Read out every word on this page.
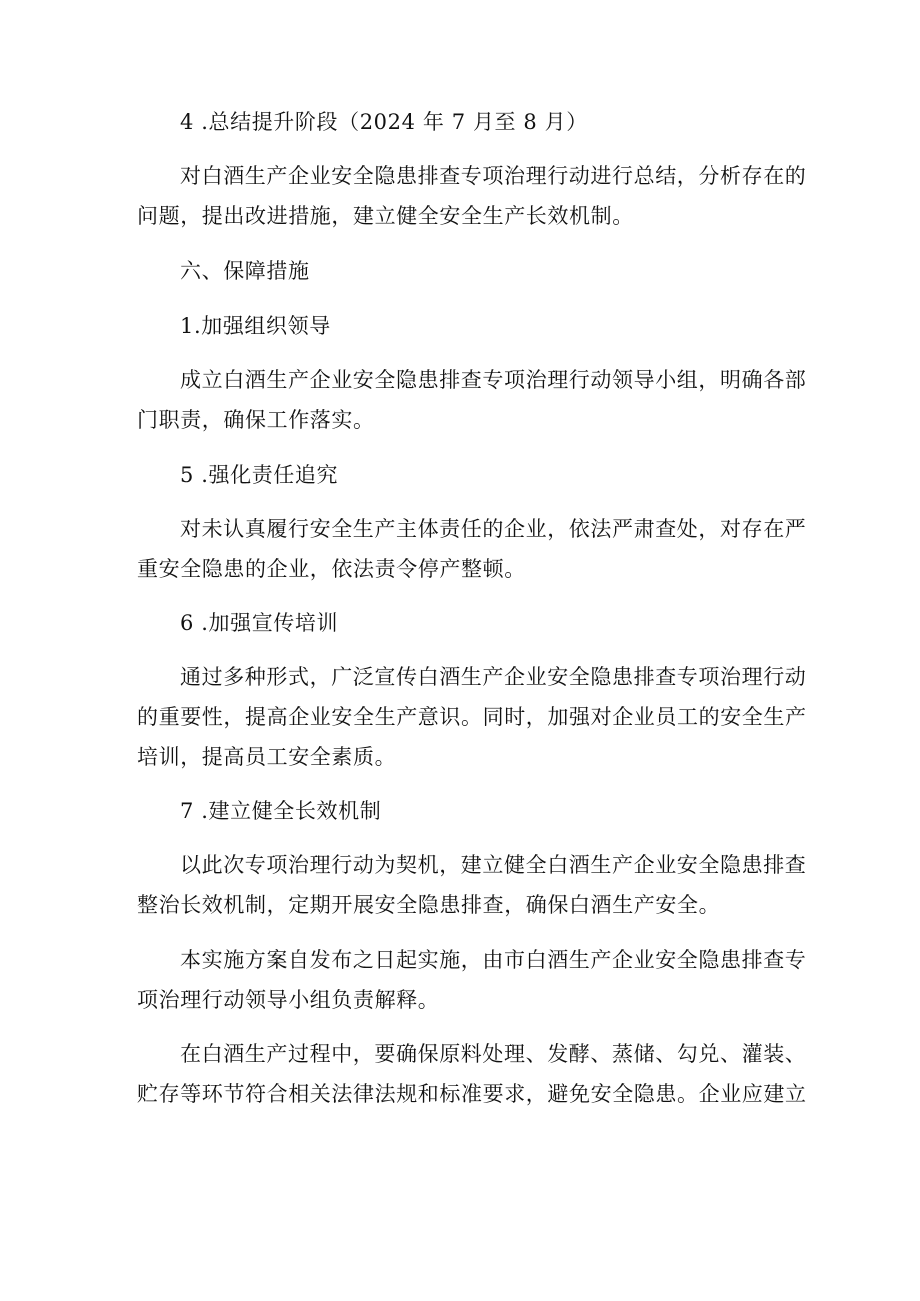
4 .总结提升阶段（2024 年 7 月至 8 月）
对白酒生产企业安全隐患排查专项治理行动进行总结，分析存在的
问题，提出改进措施，建立健全安全生产长效机制。
六、保障措施
1.加强组织领导
成立白酒生产企业安全隐患排查专项治理行动领导小组，明确各部
门职责，确保工作落实。
5 .强化责任追究
对未认真履行安全生产主体责任的企业，依法严肃查处，对存在严
重安全隐患的企业，依法责令停产整顿。
6 .加强宣传培训
通过多种形式，广泛宣传白酒生产企业安全隐患排查专项治理行动
的重要性，提高企业安全生产意识。同时，加强对企业员工的安全生产
培训，提高员工安全素质。
7 .建立健全长效机制
以此次专项治理行动为契机，建立健全白酒生产企业安全隐患排查
整治长效机制，定期开展安全隐患排查，确保白酒生产安全。
本实施方案自发布之日起实施，由市白酒生产企业安全隐患排查专
项治理行动领导小组负责解释。
在白酒生产过程中，要确保原料处理、发酵、蒸储、勾兑、灌装、
贮存等环节符合相关法律法规和标准要求，避免安全隐患。企业应建立
